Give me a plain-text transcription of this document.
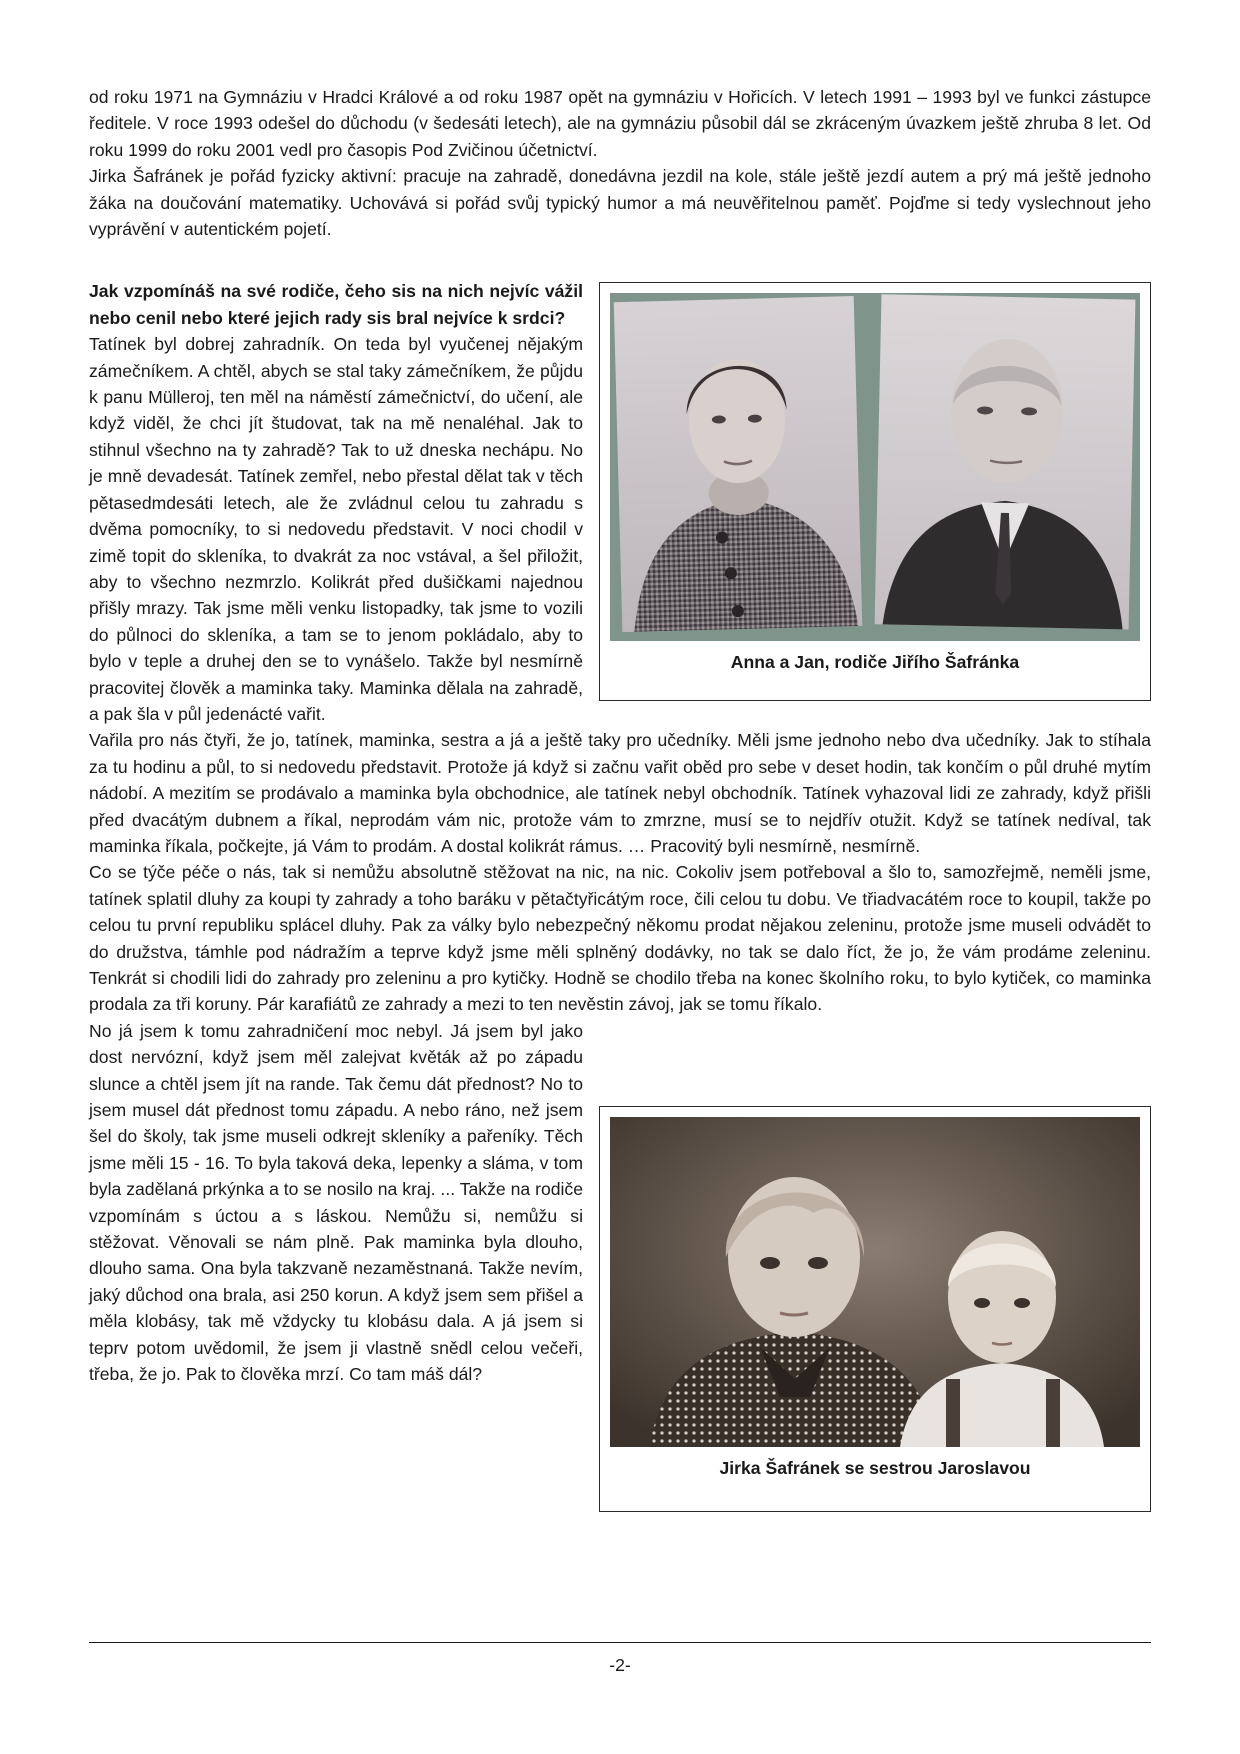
od roku 1971 na Gymnáziu v Hradci Králové a od roku 1987 opět na gymnáziu v Hořicích. V letech 1991 – 1993 byl ve funkci zástupce ředitele. V roce 1993 odešel do důchodu (v šedesáti letech), ale na gymnáziu působil dál se zkráceným úvazkem ještě zhruba 8 let. Od roku 1999 do roku 2001 vedl pro časopis Pod Zvičinou účetnictví.

Jirka Šafránek je pořád fyzicky aktivní: pracuje na zahradě, donedávna jezdil na kole, stále ještě jezdí autem a prý má ještě jednoho žáka na doučování matematiky. Uchovává si pořád svůj typický humor a má neuvěřitelnou paměť. Pojďme si tedy vyslechnout jeho vyprávění v autentickém pojetí.

Anna a Jan, rodiče Jiřího Šafránka

Jak vzpomínáš na své rodiče, čeho sis na nich nejvíc vážil nebo cenil nebo které jejich rady sis bral nejvíce k srdci?

Tatínek byl dobrej zahradník. On teda byl vyučenej nějakým zámečníkem. A chtěl, abych se stal taky zámečníkem, že půjdu k panu Mülleroj, ten měl na náměstí zámečnictví, do učení, ale když viděl, že chci jít študovat, tak na mě nenaléhal. Jak to stihnul všechno na ty zahradě? Tak to už dneska nechápu. No je mně devadesát. Tatínek zemřel, nebo přestal dělat tak v těch pětasedmdesáti letech, ale že zvládnul celou tu zahradu s dvěma pomocníky, to si nedovedu představit. V noci chodil v zimě topit do skleníka, to dvakrát za noc vstával, a šel přiložit, aby to všechno nezmrzlo. Kolikrát před dušičkami najednou přišly mrazy. Tak jsme měli venku listopadky, tak jsme to vozili do půlnoci do skleníka, a tam se to jenom pokládalo, aby to bylo v teple a druhej den se to vynášelo. Takže byl nesmírně pracovitej člověk a maminka taky. Maminka dělala na zahradě, a pak šla v půl jedenácté vařit.

Vařila pro nás čtyři, že jo, tatínek, maminka, sestra a já a ještě taky pro učedníky. Měli jsme jednoho nebo dva učedníky. Jak to stíhala za tu hodinu a půl, to si nedovedu představit. Protože já když si začnu vařit oběd pro sebe v deset hodin, tak končím o půl druhé mytím nádobí. A mezitím se prodávalo a maminka byla obchodnice, ale tatínek nebyl obchodník. Tatínek vyhazoval lidi ze zahrady, když přišli před dvacátým dubnem a říkal, neprodám vám nic, protože vám to zmrzne, musí se to nejdřív otužit. Když se tatínek nedíval, tak maminka říkala, počkejte, já Vám to prodám. A dostal kolikrát rámus. … Pracovitý byli nesmírně, nesmírně.

Co se týče péče o nás, tak si nemůžu absolutně stěžovat na nic, na nic. Cokoliv jsem potřeboval a šlo to, samozřejmě, neměli jsme, tatínek splatil dluhy za koupi ty zahrady a toho baráku v pětačtyřicátým roce, čili celou tu dobu. Ve třiadvacátém roce to koupil, takže po celou tu první republiku splácel dluhy. Pak za války bylo nebezpečný někomu prodat nějakou zeleninu, protože jsme museli odvádět to do družstva, támhle pod nádražím a teprve když jsme měli splněný dodávky, no tak se dalo říct, že jo, že vám prodáme zeleninu. Tenkrát si chodili lidi do zahrady pro zeleninu a pro kytičky. Hodně se chodilo třeba na konec školního roku, to bylo kytiček, co maminka prodala za tři koruny. Pár karafiátů ze zahrady a mezi to ten nevěstin závoj, jak se tomu říkalo.

Jirka Šafránek se sestrou Jaroslavou

No já jsem k tomu zahradničení moc nebyl. Já jsem byl jako dost nervózní, když jsem měl zalejvat květák až po západu slunce a chtěl jsem jít na rande. Tak čemu dát přednost? No to jsem musel dát přednost tomu západu. A nebo ráno, než jsem šel do školy, tak jsme museli odkrejt skleníky a pařeníky. Těch jsme měli 15 - 16. To byla taková deka, lepenky a sláma, v tom byla zadělaná prkýnka a to se nosilo na kraj. ... Takže na rodiče vzpomínám s úctou a s láskou. Nemůžu si, nemůžu si stěžovat. Věnovali se nám plně. Pak maminka byla dlouho, dlouho sama. Ona byla takzvaně nezaměstnaná. Takže nevím, jaký důchod ona brala, asi 250 korun. A když jsem sem přišel a měla klobásy, tak mě vždycky tu klobásu dala. A já jsem si teprv potom uvědomil, že jsem ji vlastně snědl celou večeři, třeba, že jo. Pak to člověka mrzí. Co tam máš dál?

-2-
